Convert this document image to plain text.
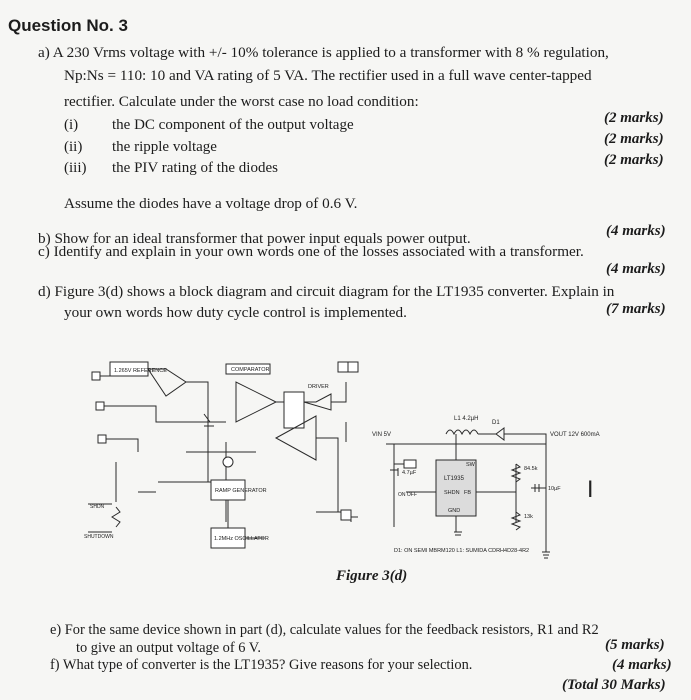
Question No. 3
a) A 230 Vrms voltage with +/- 10% tolerance is applied to a transformer with 8 % regulation,
Np:Ns = 110: 10 and VA rating of 5 VA. The rectifier used in a full wave center-tapped
rectifier. Calculate under the worst case no load condition:
(i) the DC component of the output voltage	(2 marks)
(ii) the ripple voltage	(2 marks)
(iii) the PIV rating of the diodes	(2 marks)
Assume the diodes have a voltage drop of 0.6 V.
b) Show for an ideal transformer that power input equals power output.	(4 marks)
c) Identify and explain in your own words one of the losses associated with a transformer.
(4 marks)
d) Figure 3(d) shows a block diagram and circuit diagram for the LT1935 converter. Explain in
your own words how duty cycle control is implemented.	(7 marks)
1.265V REFERENCE	COMPARATOR
DRIVER
RAMP GENERATOR
1.2MHz OSCILLATOR
SHDN
SHUTDOWN
VIN 5V
4.7µF
L1 4.2µH
D1
LT1935
SHDN
GND
FB
SW
ON OFF
84.5k
13k
10µF
VOUT 12V 600mA
D1: ON SEMI MBRM120 L1: SUMIDA CDRH4D28-4R2
Figure 3(d)
I
e) For the same device shown in part (d), calculate values for the feedback resistors, R1 and R2
to give an output voltage of 6 V.	(5 marks)
f) What type of converter is the LT1935? Give reasons for your selection.	(4 marks)
(Total 30 Marks)
